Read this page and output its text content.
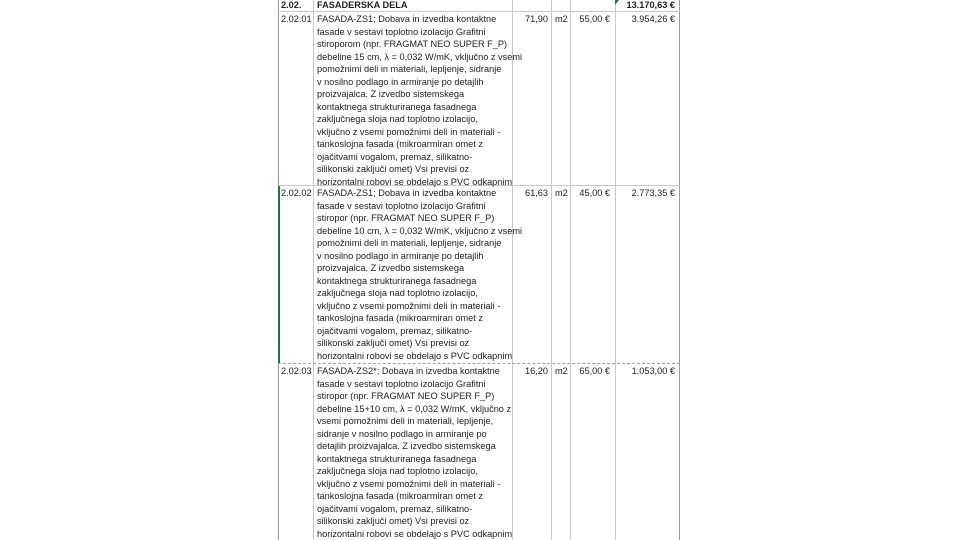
2.02.	FASADERSKA DELA	13.170,63 €
2.02.01 FASADA-ZS1; Dobava in izvedba kontaktne
fasade v sestavi toplotno izolacijo Grafitni
stiroporom (npr. FRAGMAT NEO SUPER F_P)
debeline 15 cm, λ = 0,032 W/mK, vključno z vsemi
pomožnimi deli in materiali, lepljenje, sidranje
v nosilno podlago in armiranje po detajlih
proizvajalca. Z izvedbo sistemskega
kontaktnega strukturiranega fasadnega
zaključnega sloja nad toplotno izolacijo,
vključno z vsemi pomožnimi deli in materiali -
tankoslojna fasada (mikroarmiran omet z
ojačitvami vogalom, premaz, silikatno-
silikonski zaključi omet) Vsi previsi oz
horizontalni robovi se obdelajo s PVC odkapnim
71,90 m2	55,00 €	3.954,26 €
2.02.02 FASADA-ZS1; Dobava in izvedba kontaktne
fasade v sestavi toplotno izolacijo Grafitni
stiropor (npr. FRAGMAT NEO SUPER F_P)
debeline 10 cm, λ = 0,032 W/mK, vključno z vsemi
pomožnimi deli in materiali, lepljenje, sidranje
v nosilno podlago in armiranje po detajlih
proizvajalca. Z izvedbo sistemskega
kontaktnega strukturiranega fasadnega
zaključnega sloja nad toplotno izolacijo,
vključno z vsemi pomožnimi deli in materiali -
tankoslojna fasada (mikroarmiran omet z
ojačitvami vogalom, premaz, silikatno-
silikonski zaključi omet) Vsi previsi oz
horizontalni robovi se obdelajo s PVC odkapnim
61,63 m2	45,00 €	2.773,35 €
2.02.03 FASADA-ZS2*; Dobava in izvedba kontaktne
fasade v sestavi toplotno izolacijo Grafitni
stiropor (npr. FRAGMAT NEO SUPER F_P)
debeline 15+10 cm, λ = 0,032 W/mK, vključno z
vsemi pomožnimi deli in materiali, lepljenje,
sidranje v nosilno podlago in armiranje po
detajlih proizvajalca. Z izvedbo sistemskega
kontaktnega strukturiranega fasadnega
zaključnega sloja nad toplotno izolacijo,
vključno z vsemi pomožnimi deli in materiali -
tankoslojna fasada (mikroarmiran omet z
ojačitvami vogalom, premaz, silikatno-
silikonski zaključi omet) Vsi previsi oz
horizontalni robovi se obdelajo s PVC odkapnim
16,20 m2	65,00 €	1.053,00 €
